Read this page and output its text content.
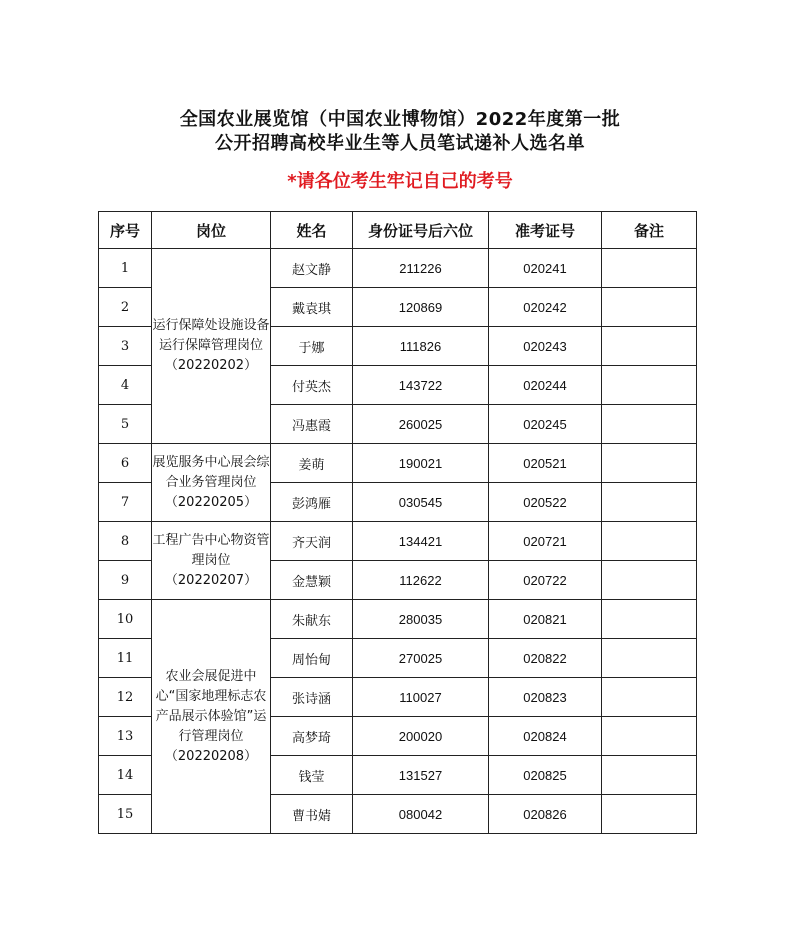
全国农业展览馆（中国农业博物馆）2022年度第一批
公开招聘高校毕业生等人员笔试递补人选名单
*请各位考生牢记自己的考号
序号	岗位	姓名	身份证号后六位	准考证号	备注
1	运行保障处设施设备运行保障管理岗位（20220202）	赵文静	211226	020241	
2		戴袁琪	120869	020242	
3		于娜	111826	020243	
4		付英杰	143722	020244	
5		冯惠霞	260025	020245	
6	展览服务中心展会综合业务管理岗位（20220205）	姜萌	190021	020521	
7		彭鸿雁	030545	020522	
8	工程广告中心物资管理岗位（20220207）	齐天润	134421	020721	
9		金慧颖	112622	020722	
10	农业会展促进中心“国家地理标志农产品展示体验馆”运行管理岗位（20220208）	朱献东	280035	020821	
11		周怡甸	270025	020822	
12		张诗涵	110027	020823	
13		高梦琦	200020	020824	
14		钱莹	131527	020825	
15		曹书婧	080042	020826	
